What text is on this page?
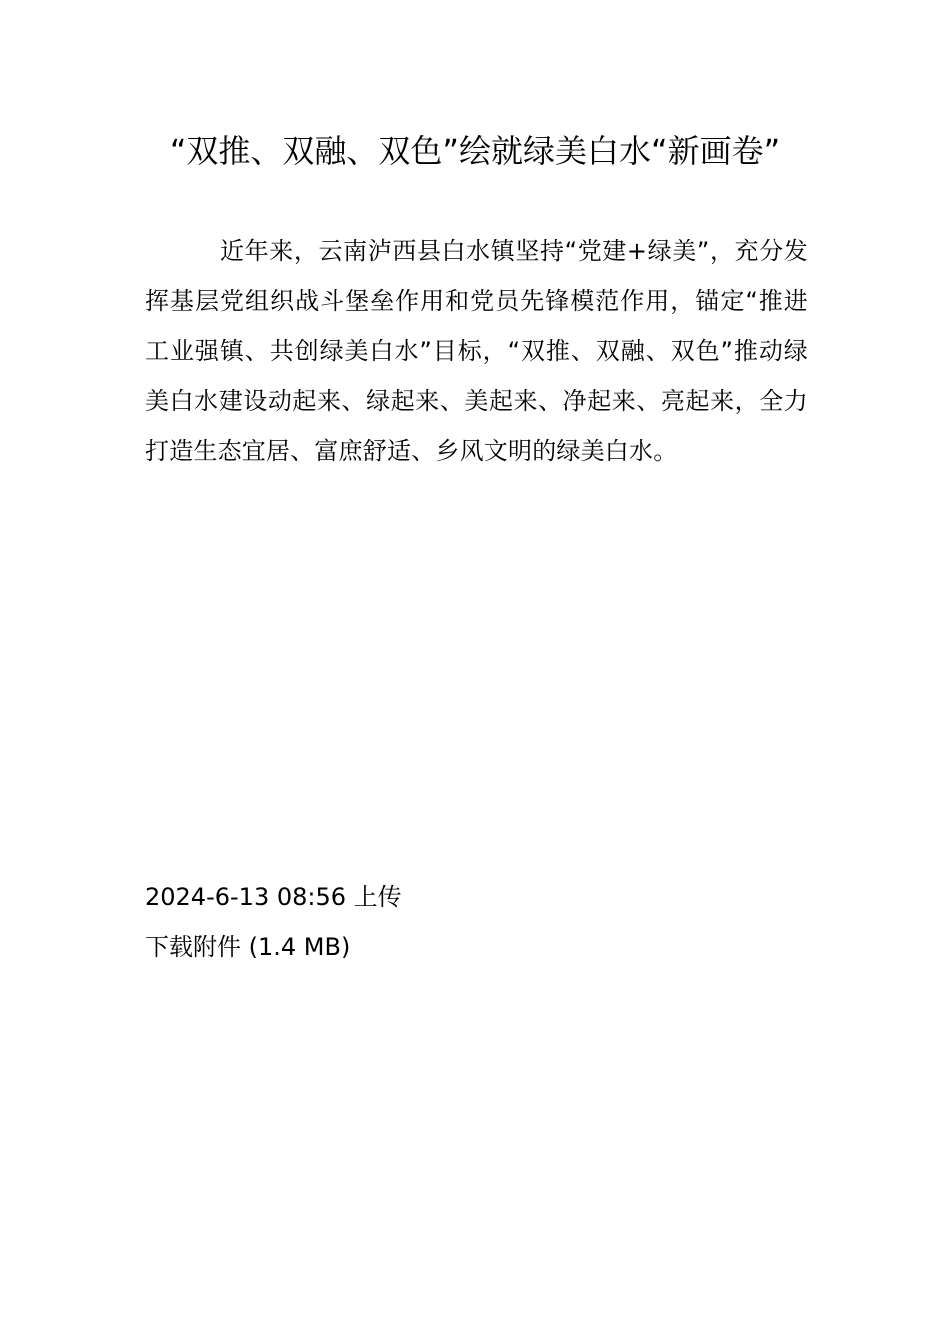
“双推、双融、双色”绘就绿美白水“新画卷”

近年来，云南泸西县白水镇坚持“党建+绿美”，充分发挥基层党组织战斗堡垒作用和党员先锋模范作用，锚定“推进工业强镇、共创绿美白水”目标，“双推、双融、双色”推动绿美白水建设动起来、绿起来、美起来、净起来、亮起来，全力打造生态宜居、富庶舒适、乡风文明的绿美白水。

2024-6-13 08:56 上传
下载附件 (1.4 MB)
